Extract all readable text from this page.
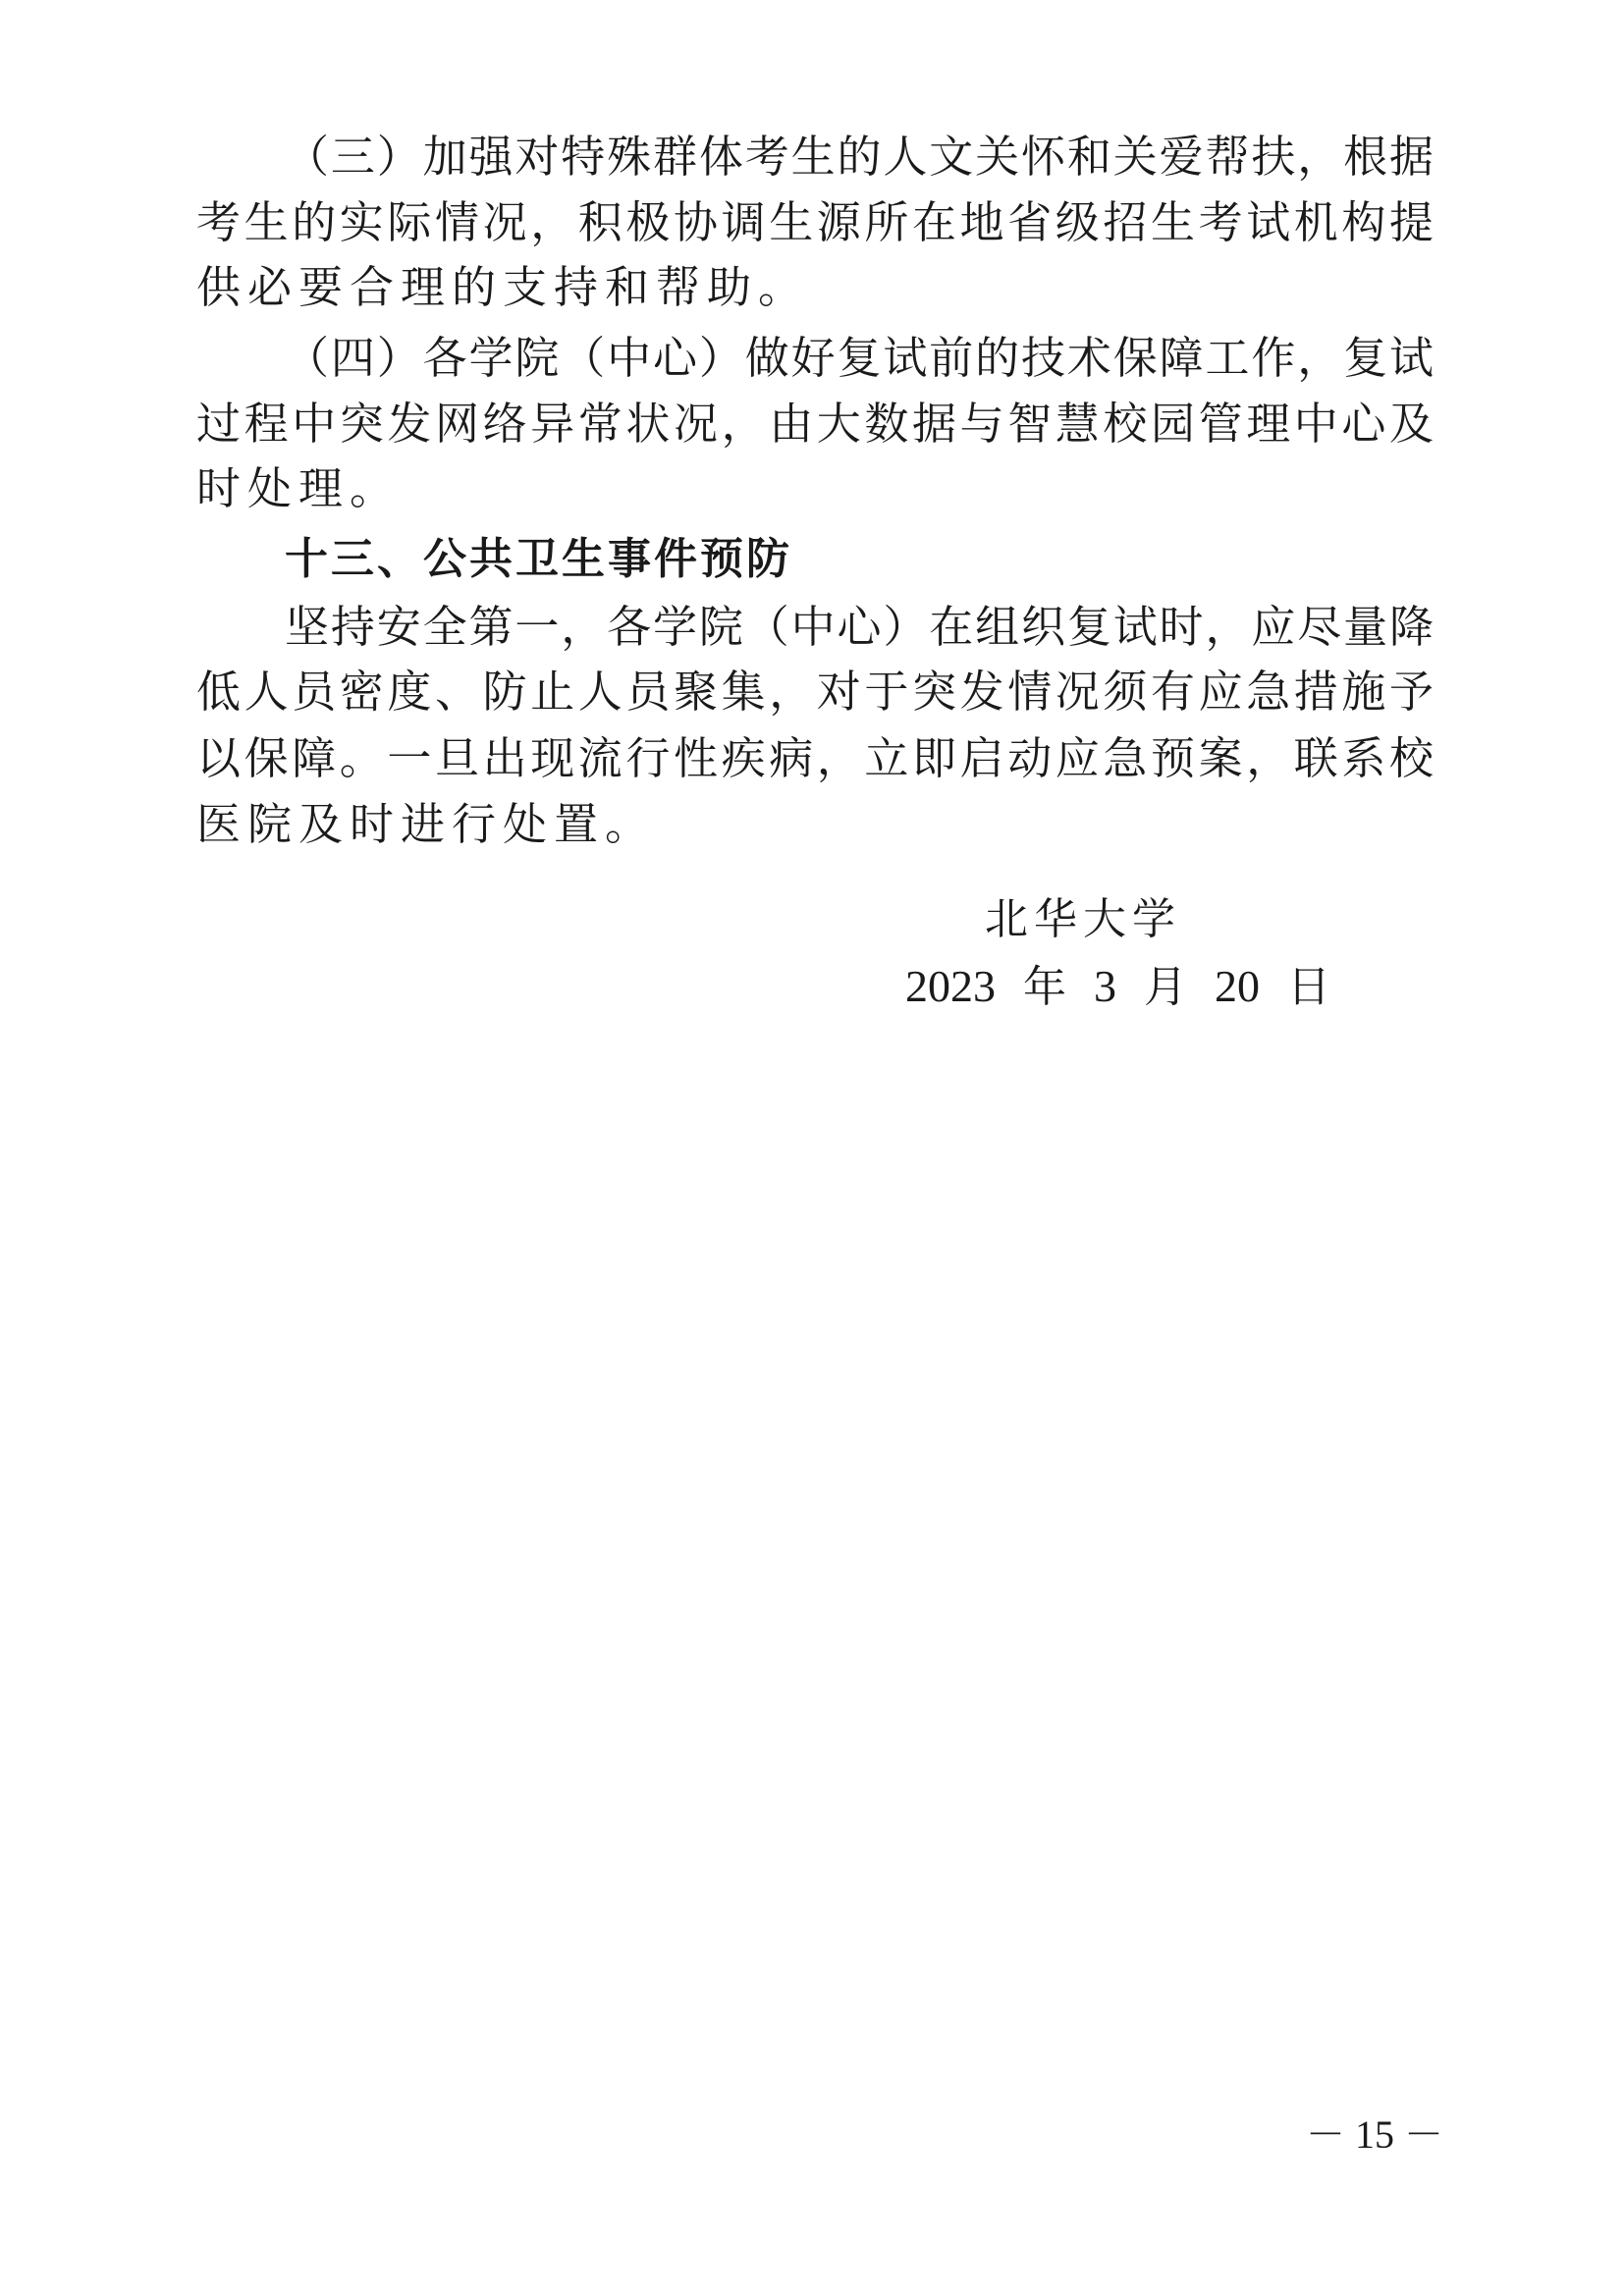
（三）加强对特殊群体考生的人文关怀和关爱帮扶，根据
考生的实际情况，积极协调生源所在地省级招生考试机构提
供必要合理的支持和帮助。
（四）各学院（中心）做好复试前的技术保障工作，复试
过程中突发网络异常状况，由大数据与智慧校园管理中心及
时处理。
十三、公共卫生事件预防
坚持安全第一，各学院（中心）在组织复试时，应尽量降
低人员密度、防止人员聚集，对于突发情况须有应急措施予
以保障。一旦出现流行性疾病，立即启动应急预案，联系校
医院及时进行处置。
北华大学
2023 年 3 月 20 日
－ 15 －
